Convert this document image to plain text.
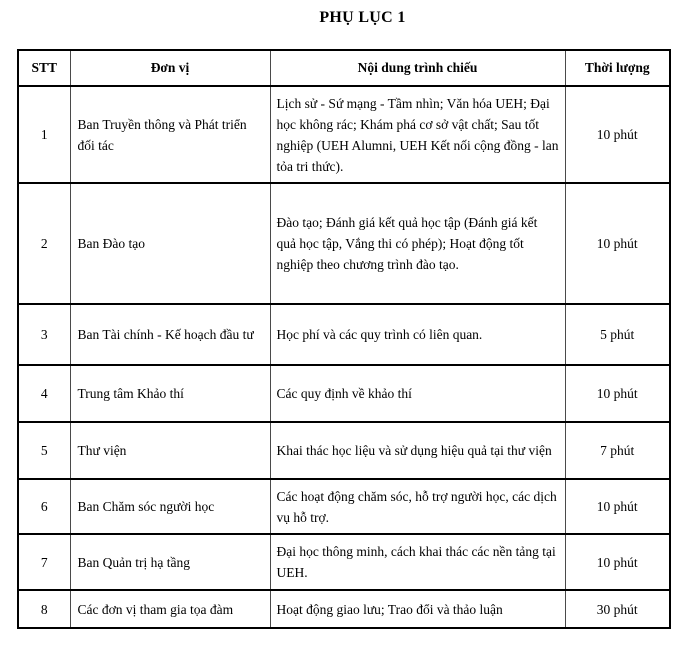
PHỤ LỤC 1
STT	Đơn vị	Nội dung trình chiếu	Thời lượng
1	Ban Truyền thông và Phát triển đối tác	Lịch sử - Sứ mạng - Tầm nhìn; Văn hóa UEH; Đại học không rác; Khám phá cơ sở vật chất; Sau tốt nghiệp (UEH Alumni, UEH Kết nối cộng đồng - lan tỏa tri thức).	10 phút
2	Ban Đào tạo	Đào tạo; Đánh giá kết quả học tập (Đánh giá kết quả học tập, Vắng thi có phép); Hoạt động tốt nghiệp theo chương trình đào tạo.	10 phút
3	Ban Tài chính - Kế hoạch đầu tư	Học phí và các quy trình có liên quan.	5 phút
4	Trung tâm Khảo thí	Các quy định về khảo thí	10 phút
5	Thư viện	Khai thác học liệu và sử dụng hiệu quả tại thư viện	7 phút
6	Ban Chăm sóc người học	Các hoạt động chăm sóc, hỗ trợ người học, các dịch vụ hỗ trợ.	10 phút
7	Ban Quản trị hạ tầng	Đại học thông minh, cách khai thác các nền tảng tại UEH.	10 phút
8	Các đơn vị tham gia tọa đàm	Hoạt động giao lưu; Trao đổi và thảo luận	30 phút
